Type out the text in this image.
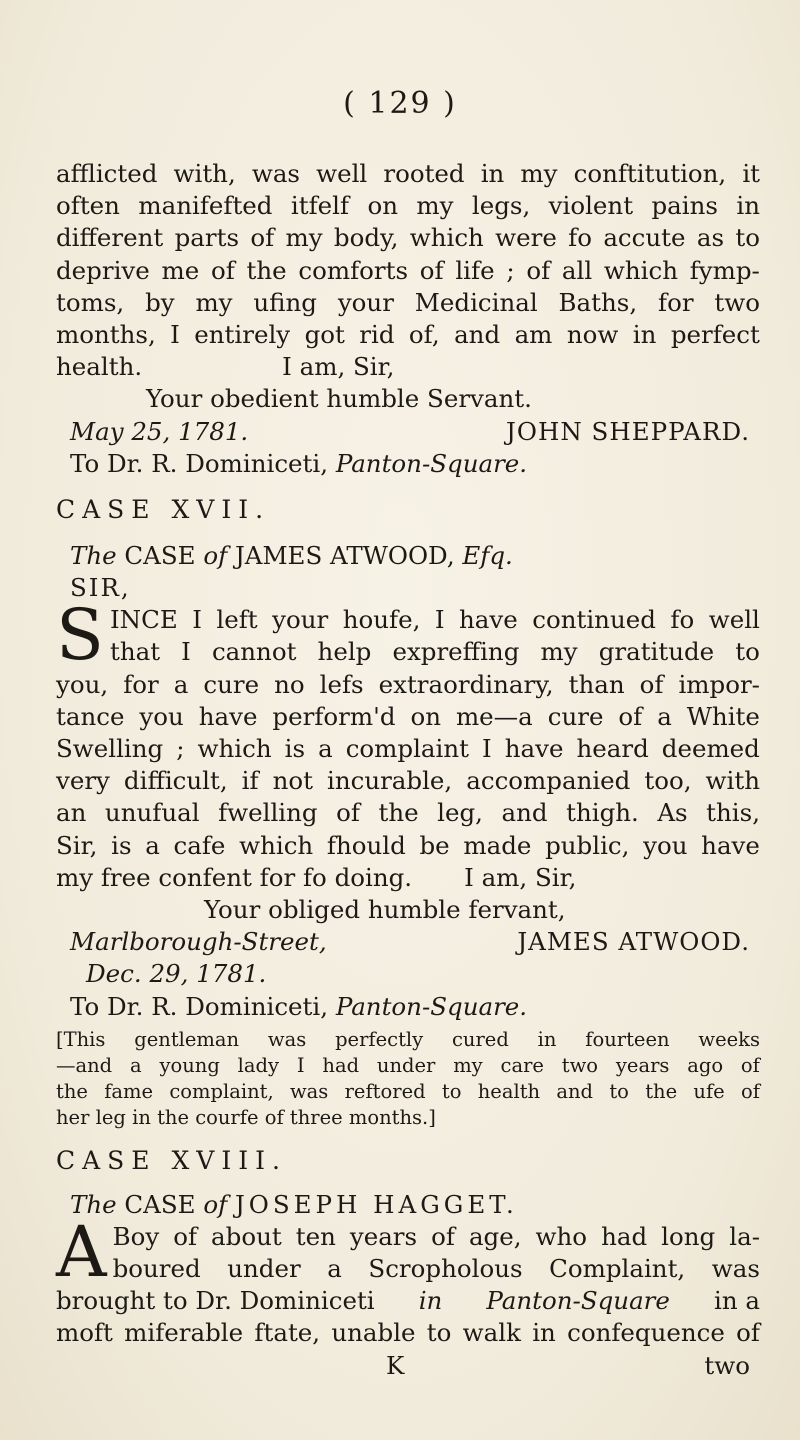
( 129 )
afflicted with, was well rooted in my conftitution, it
often manifefted itfelf on my legs, violent pains in
different parts of my body, which were fo accute as to
deprive me of the comforts of life ; of all which fymp-
toms, by my ufing your Medicinal Baths, for two
months, I entirely got rid of, and am now in perfect
health.	I am, Sir,
Your obedient humble Servant.
May 25, 1781.	JOHN SHEPPARD.
To Dr. R. Dominiceti,
Panton-Square.
CASE XVII.
The
CASE
of
JAMES ATWOOD,
Efq.
SIR,
S INCE I left your houfe, I have continued fo well
that I cannot help expreffing my gratitude to
you, for a cure no lefs extraordinary, than of impor-
tance you have perform'd on me—a cure of a White
Swelling ; which is a complaint I have heard deemed
very difficult, if not incurable, accompanied too, with
an unufual fwelling of the leg, and thigh. As this,
Sir, is a cafe which fhould be made public, you have
my free confent for fo doing.	I am, Sir,
Your obliged humble fervant,
Marlborough-Street,	JAMES ATWOOD.
Dec. 29, 1781.
To Dr. R. Dominiceti,
Panton-Square.
[This gentleman was perfectly cured in fourteen weeks
—and a young lady I had under my care two years ago of
the fame complaint, was reftored to health and to the ufe of
her leg in the courfe of three months.]
CASE XVIII.
The
CASE
of
JOSEPH HAGGET.
A Boy of about ten years of age, who had long la-
boured under a Scropholous Complaint, was
brought to Dr. Dominiceti in Panton-Square in a
moft miferable ftate, unable to walk in confequence of
K	two
